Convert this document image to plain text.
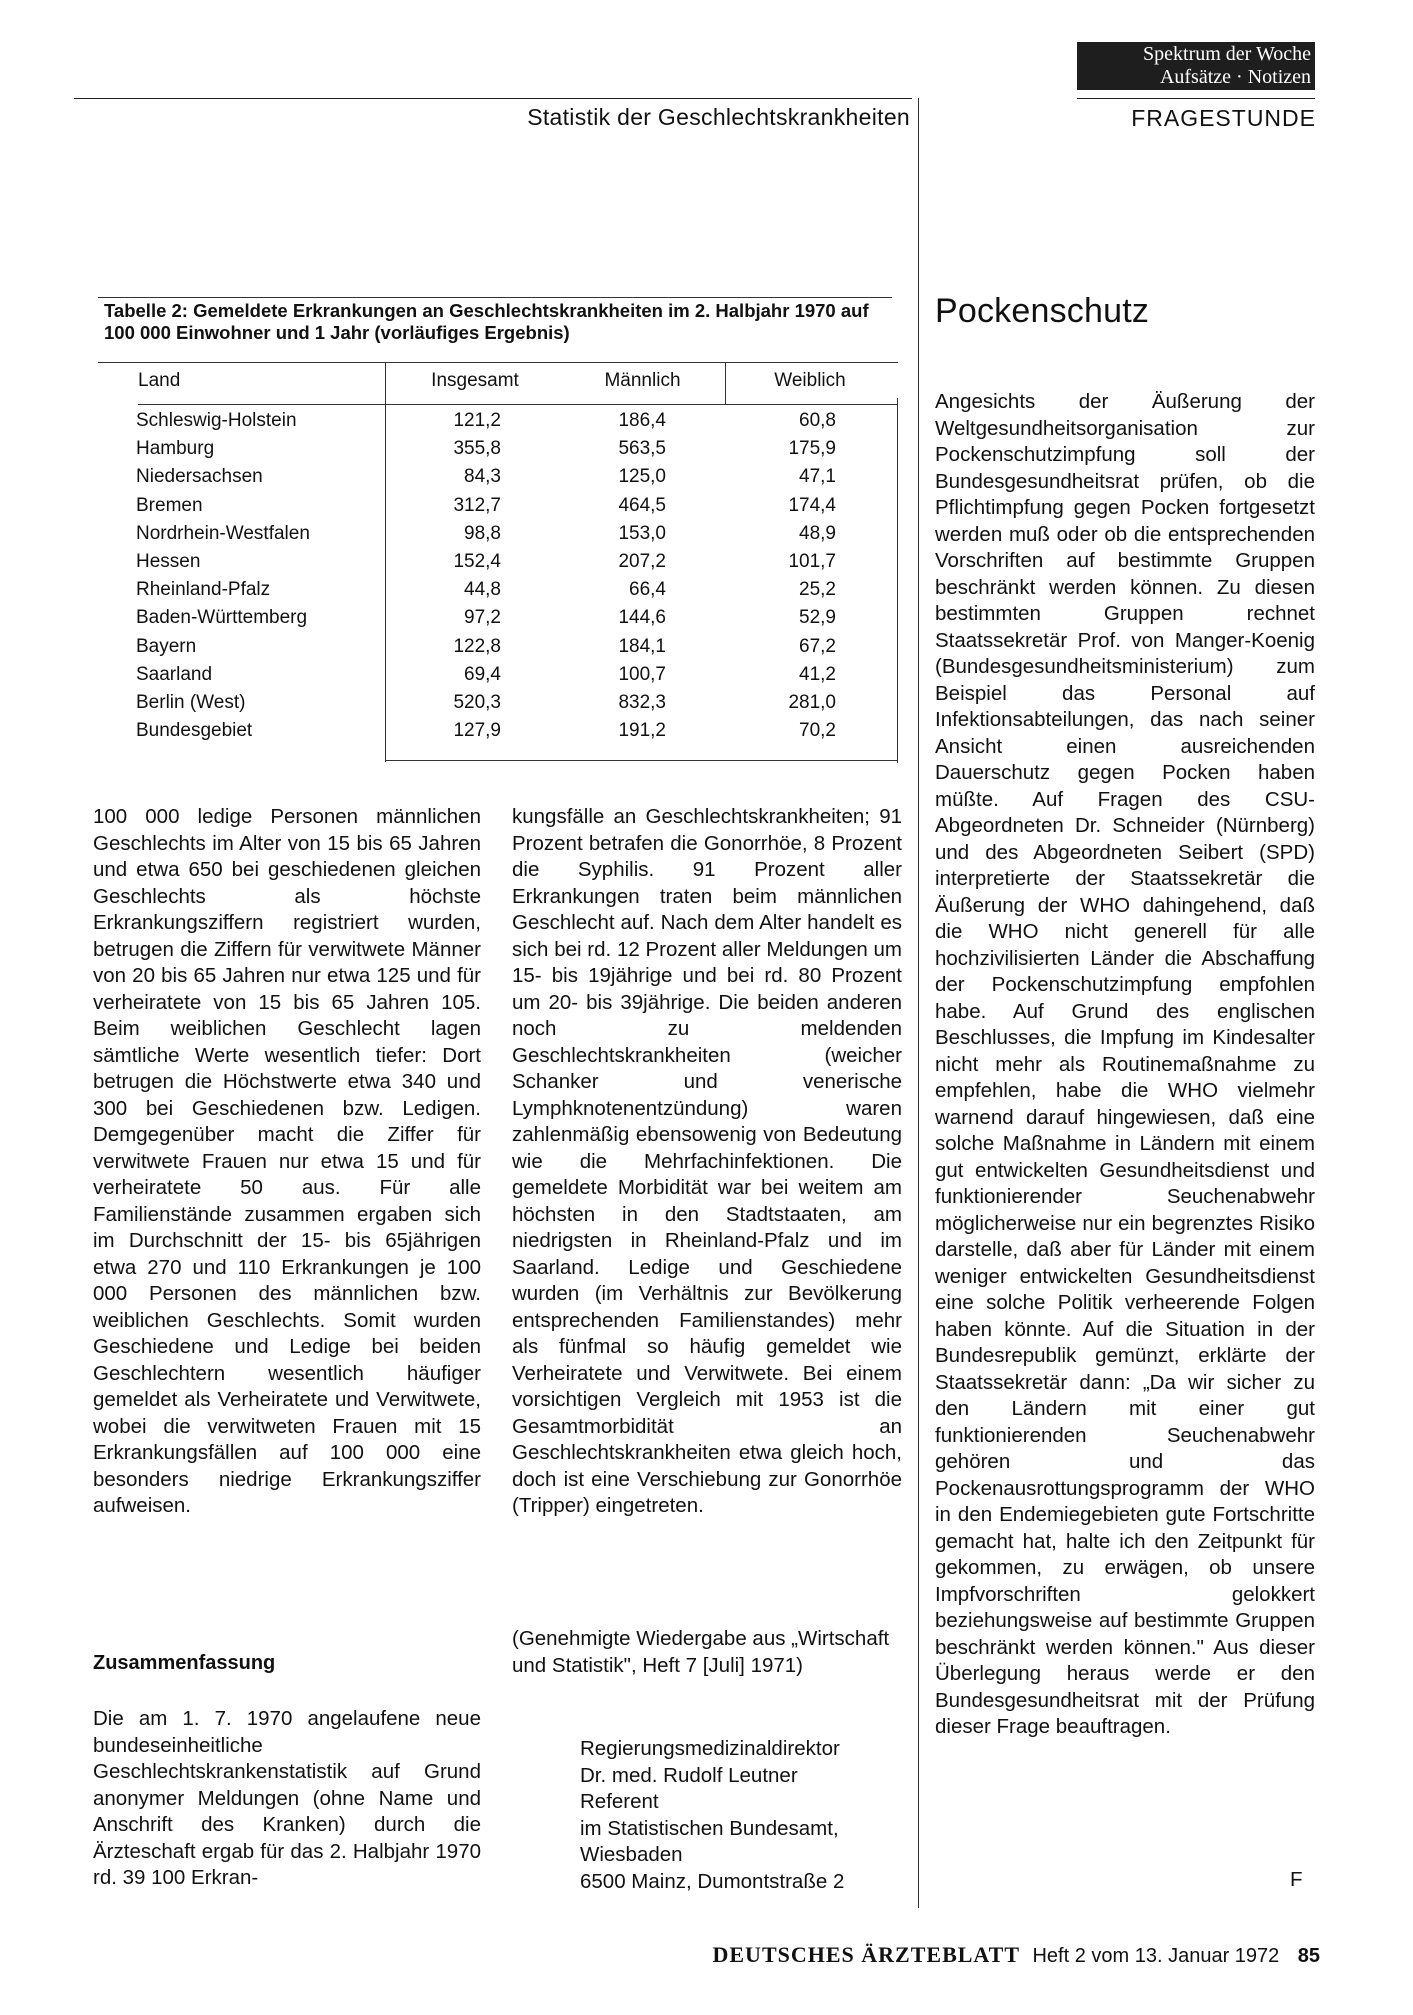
Spektrum der Woche
Aufsätze · Notizen
Statistik der Geschlechtskrankheiten	FRAGESTUNDE
Tabelle 2: Gemeldete Erkrankungen an Geschlechtskrankheiten im 2. Halbjahr 1970 auf 100 000 Einwohner und 1 Jahr (vorläufiges Ergebnis)
Land	Insgesamt	Männlich	Weiblich
Schleswig-Holstein	121,2	186,4	60,8
Hamburg	355,8	563,5	175,9
Niedersachsen	84,3	125,0	47,1
Bremen	312,7	464,5	174,4
Nordrhein-Westfalen	98,8	153,0	48,9
Hessen	152,4	207,2	101,7
Rheinland-Pfalz	44,8	66,4	25,2
Baden-Württemberg	97,2	144,6	52,9
Bayern	122,8	184,1	67,2
Saarland	69,4	100,7	41,2
Berlin (West)	520,3	832,3	281,0
Bundesgebiet	127,9	191,2	70,2

100 000 ledige Personen männlichen Geschlechts im Alter von 15 bis 65 Jahren und etwa 650 bei geschiedenen gleichen Geschlechts als höchste Erkrankungsziffern registriert wurden, betrugen die Ziffern für verwitwete Männer von 20 bis 65 Jahren nur etwa 125 und für verheiratete von 15 bis 65 Jahren 105. Beim weiblichen Geschlecht lagen sämtliche Werte wesentlich tiefer: Dort betrugen die Höchstwerte etwa 340 und 300 bei Geschiedenen bzw. Ledigen. Demgegenüber macht die Ziffer für verwitwete Frauen nur etwa 15 und für verheiratete 50 aus. Für alle Familienstände zusammen ergaben sich im Durchschnitt der 15- bis 65jährigen etwa 270 und 110 Erkrankungen je 100 000 Personen des männlichen bzw. weiblichen Geschlechts. Somit wurden Geschiedene und Ledige bei beiden Geschlechtern wesentlich häufiger gemeldet als Verheiratete und Verwitwete, wobei die verwitweten Frauen mit 15 Erkrankungsfällen auf 100 000 eine besonders niedrige Erkrankungsziffer aufweisen.

Zusammenfassung
Die am 1. 7. 1970 angelaufene neue bundeseinheitliche Geschlechtskrankenstatistik auf Grund anonymer Meldungen (ohne Name und Anschrift des Kranken) durch die Ärzteschaft ergab für das 2. Halbjahr 1970 rd. 39 100 Erkran-

kungsfälle an Geschlechtskrankheiten; 91 Prozent betrafen die Gonorrhöe, 8 Prozent die Syphilis. 91 Prozent aller Erkrankungen traten beim männlichen Geschlecht auf. Nach dem Alter handelt es sich bei rd. 12 Prozent aller Meldungen um 15- bis 19jährige und bei rd. 80 Prozent um 20- bis 39jährige. Die beiden anderen noch zu meldenden Geschlechtskrankheiten (weicher Schanker und venerische Lymphknotenentzündung) waren zahlenmäßig ebensowenig von Bedeutung wie die Mehrfachinfektionen. Die gemeldete Morbidität war bei weitem am höchsten in den Stadtstaaten, am niedrigsten in Rheinland-Pfalz und im Saarland. Ledige und Geschiedene wurden (im Verhältnis zur Bevölkerung entsprechenden Familienstandes) mehr als fünfmal so häufig gemeldet wie Verheiratete und Verwitwete. Bei einem vorsichtigen Vergleich mit 1953 ist die Gesamtmorbidität an Geschlechtskrankheiten etwa gleich hoch, doch ist eine Verschiebung zur Gonorrhöe (Tripper) eingetreten.

(Genehmigte Wiedergabe aus „Wirtschaft und Statistik", Heft 7 [Juli] 1971)
Regierungsmedizinaldirektor
Dr. med. Rudolf Leutner
Referent
im Statistischen Bundesamt,
Wiesbaden
6500 Mainz, Dumontstraße 2
Pockenschutz

Angesichts der Äußerung der Weltgesundheitsorganisation zur Pockenschutzimpfung soll der Bundesgesundheitsrat prüfen, ob die Pflichtimpfung gegen Pocken fortgesetzt werden muß oder ob die entsprechenden Vorschriften auf bestimmte Gruppen beschränkt werden können. Zu diesen bestimmten Gruppen rechnet Staatssekretär Prof. von Manger-Koenig (Bundesgesundheitsministerium) zum Beispiel das Personal auf Infektionsabteilungen, das nach seiner Ansicht einen ausreichenden Dauerschutz gegen Pocken haben müßte. Auf Fragen des CSU-Abgeordneten Dr. Schneider (Nürnberg) und des Abgeordneten Seibert (SPD) interpretierte der Staatssekretär die Äußerung der WHO dahingehend, daß die WHO nicht generell für alle hochzivilisierten Länder die Abschaffung der Pockenschutzimpfung empfohlen habe. Auf Grund des englischen Beschlusses, die Impfung im Kindesalter nicht mehr als Routinemaßnahme zu empfehlen, habe die WHO vielmehr warnend darauf hingewiesen, daß eine solche Maßnahme in Ländern mit einem gut entwickelten Gesundheitsdienst und funktionierender Seuchenabwehr möglicherweise nur ein begrenztes Risiko darstelle, daß aber für Länder mit einem weniger entwickelten Gesundheitsdienst eine solche Politik verheerende Folgen haben könnte. Auf die Situation in der Bundesrepublik gemünzt, erklärte der Staatssekretär dann: „Da wir sicher zu den Ländern mit einer gut funktionierenden Seuchenabwehr gehören und das Pockenausrottungsprogramm der WHO in den Endemiegebieten gute Fortschritte gemacht hat, halte ich den Zeitpunkt für gekommen, zu erwägen, ob unsere Impfvorschriften gelokkert beziehungsweise auf bestimmte Gruppen beschränkt werden können." Aus dieser Überlegung heraus werde er den Bundesgesundheitsrat mit der Prüfung dieser Frage beauftragen.

F
DEUTSCHES ÄRZTEBLATT Heft 2 vom 13. Januar 1972 85
